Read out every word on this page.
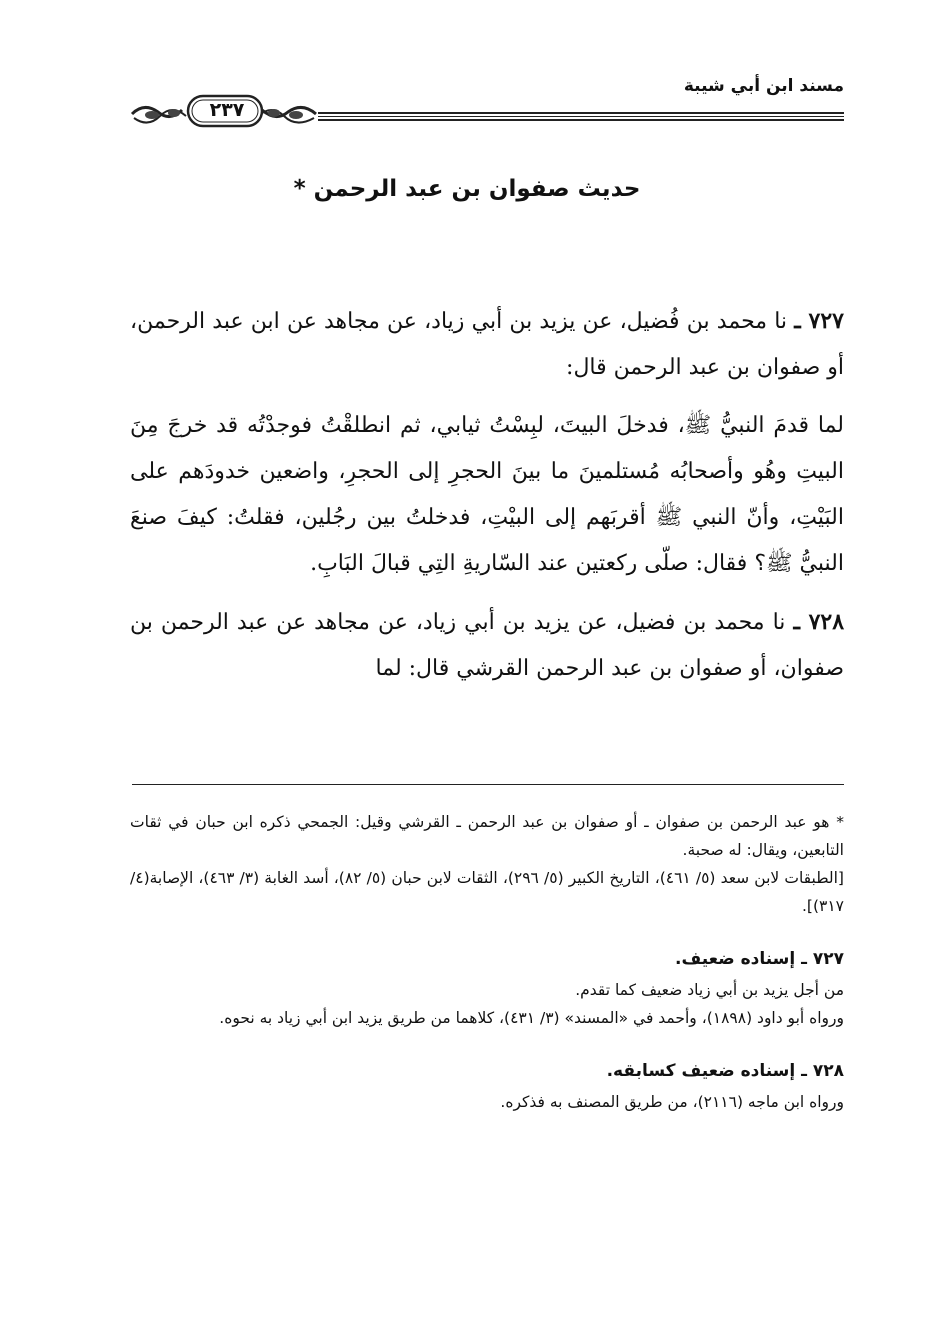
مسند ابن أبي شيبة
٢٣٧
حديث صفوان بن عبد الرحمن *

٧٢٧ ـ نا محمد بن فُضيل، عن يزيد بن أبي زياد، عن مجاهد عن ابن عبد الرحمن، أو صفوان بن عبد الرحمن قال:

لما قدمَ النبيُّ ﷺ، فدخلَ البيتَ، لبِسْتُ ثيابي، ثم انطلقْتُ فوجدْتُه قد خرجَ مِنَ البيتِ وهُو وأصحابُه مُستلمينَ ما بينَ الحجرِ إلى الحجرِ، واضعين خدودَهم على البَيْتِ، وأنّ النبي ﷺ أقربَهم إلى البيْتِ، فدخلتُ بين رجُلين، فقلتُ: كيفَ صنعَ النبيُّ ﷺ؟ فقال: صلّى ركعتين عند السّاريةِ التِي قبالَ البَابِ.

٧٢٨ ـ نا محمد بن فضيل، عن يزيد بن أبي زياد، عن مجاهد عن عبد الرحمن بن صفوان، أو صفوان بن عبد الرحمن القرشي قال: لما

* هو عبد الرحمن بن صفوان ـ أو صفوان بن عبد الرحمن ـ القرشي وقيل: الجمحي ذكره ابن حبان في ثقات التابعين، ويقال: له صحبة.

[الطبقات لابن سعد (٥/ ٤٦١)، التاريخ الكبير (٥/ ٢٩٦)، الثقات لابن حبان (٥/ ٨٢)، أسد الغابة (٣/ ٤٦٣)، الإصابة(٤/ ٣١٧)].

٧٢٧ ـ إسناده ضعيف.

من أجل يزيد بن أبي زياد ضعيف كما تقدم.

ورواه أبو داود (١٨٩٨)، وأحمد في «المسند» (٣/ ٤٣١)، كلاهما من طريق يزيد ابن أبي زياد به نحوه.

٧٢٨ ـ إسناده ضعيف كسابقه.

ورواه ابن ماجه (٢١١٦)، من طريق المصنف به فذكره.
